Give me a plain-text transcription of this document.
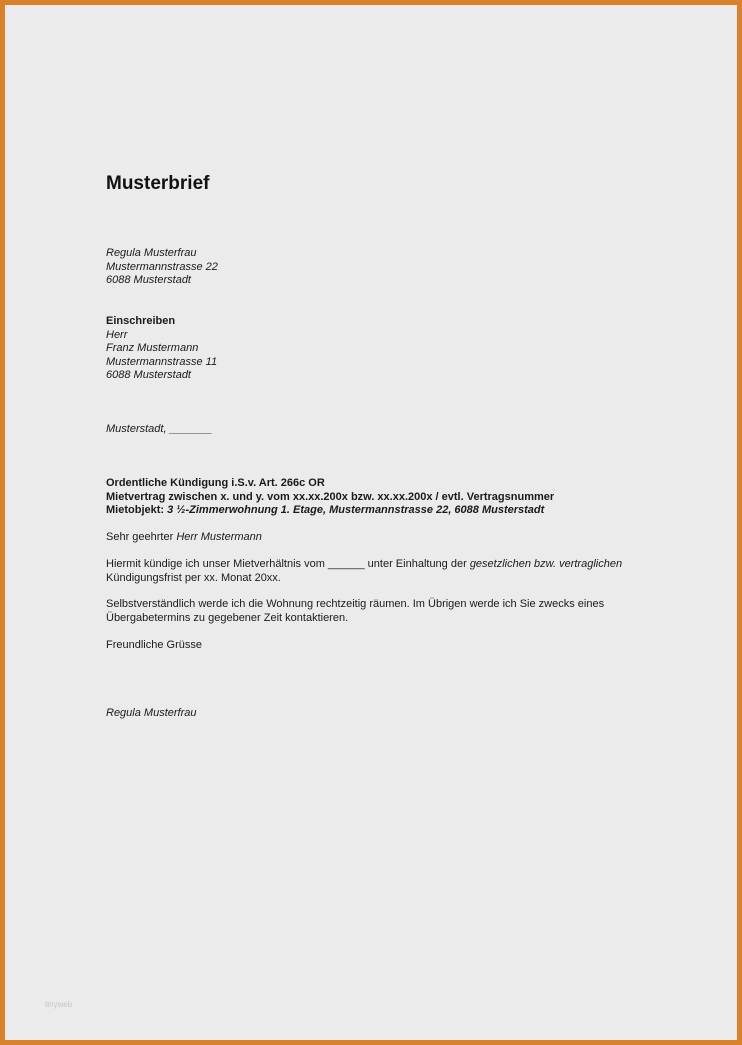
Musterbrief
Regula Musterfrau
Mustermannstrasse 22
6088 Musterstadt
Einschreiben
Herr
Franz Mustermann
Mustermannstrasse 11
6088 Musterstadt
Musterstadt, _______
Ordentliche Kündigung i.S.v. Art. 266c OR
Mietvertrag zwischen x. und y. vom xx.xx.200x bzw. xx.xx.200x / evtl. Vertragsnummer
Mietobjekt: 3 ½-Zimmerwohnung 1. Etage, Mustermannstrasse 22, 6088 Musterstadt
Sehr geehrter Herr Mustermann
Hiermit kündige ich unser Mietverhältnis vom ______ unter Einhaltung der gesetzlichen bzw. vertraglichen
Kündigungsfrist per xx. Monat 20xx.
Selbstverständlich werde ich die Wohnung rechtzeitig räumen. Im Übrigen werde ich Sie zwecks eines
Übergabetermins zu gegebener Zeit kontaktieren.
Freundliche Grüsse
Regula Musterfrau
tinyweb
